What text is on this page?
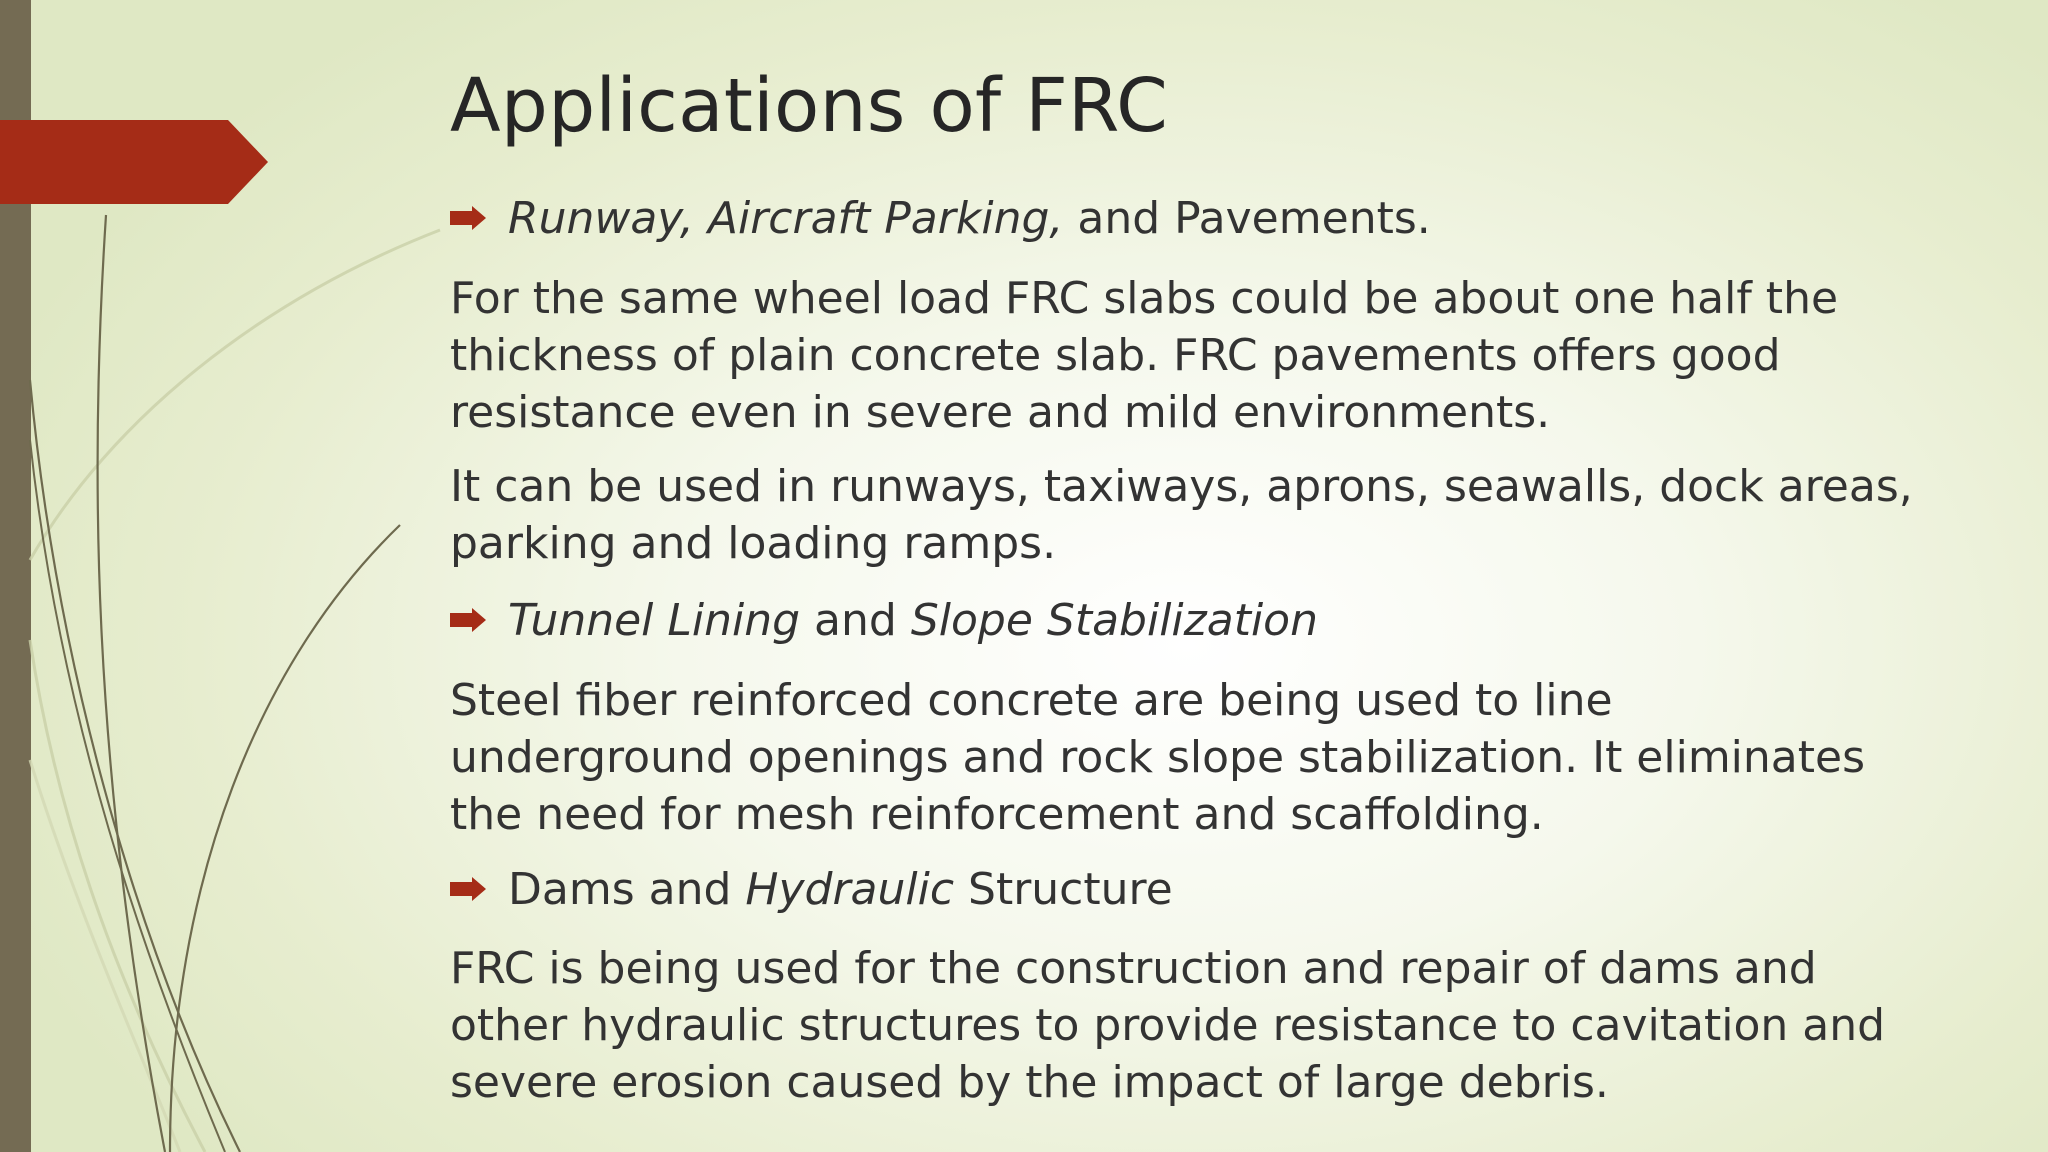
Applications of FRC

Runway, Aircraft Parking, and Pavements.

For the same wheel load FRC slabs could be about one half the
thickness of plain concrete slab. FRC pavements offers good
resistance even in severe and mild environments.
It can be used in runways, taxiways, aprons, seawalls, dock areas,
parking and loading ramps.

Tunnel Lining and Slope Stabilization

Steel fiber reinforced concrete are being used to line
underground openings and rock slope stabilization. It eliminates
the need for mesh reinforcement and scaffolding.

Dams and Hydraulic Structure

FRC is being used for the construction and repair of dams and
other hydraulic structures to provide resistance to cavitation and
severe erosion caused by the impact of large debris.
